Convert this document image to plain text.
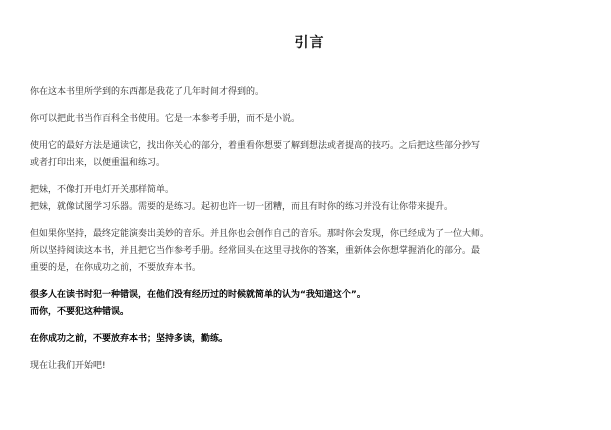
引言
你在这本书里所学到的东西都是我花了几年时间才得到的。
你可以把此书当作百科全书使用。它是一本参考手册，而不是小说。
使用它的最好方法是通读它，找出你关心的部分，着重看你想要了解到想法或者提高的技巧。之后把这些部分抄写
或者打印出来，以便重温和练习。
把妹，不像打开电灯开关那样简单。
把妹，就像试图学习乐器。需要的是练习。起初也许一切一团糟，而且有时你的练习并没有让你带来提升。
但如果你坚持，最终定能演奏出美妙的音乐。并且你也会创作自己的音乐。那时你会发现，你已经成为了一位大师。
所以坚持阅读这本书，并且把它当作参考手册。经常回头在这里寻找你的答案，重新体会你想掌握消化的部分。最
重要的是，在你成功之前，不要放弃本书。
很多人在读书时犯一种错误，在他们没有经历过的时候就简单的认为“我知道这个”。
而你，不要犯这种错误。
在你成功之前，不要放弃本书；坚持多读，勤练。
现在让我们开始吧!
